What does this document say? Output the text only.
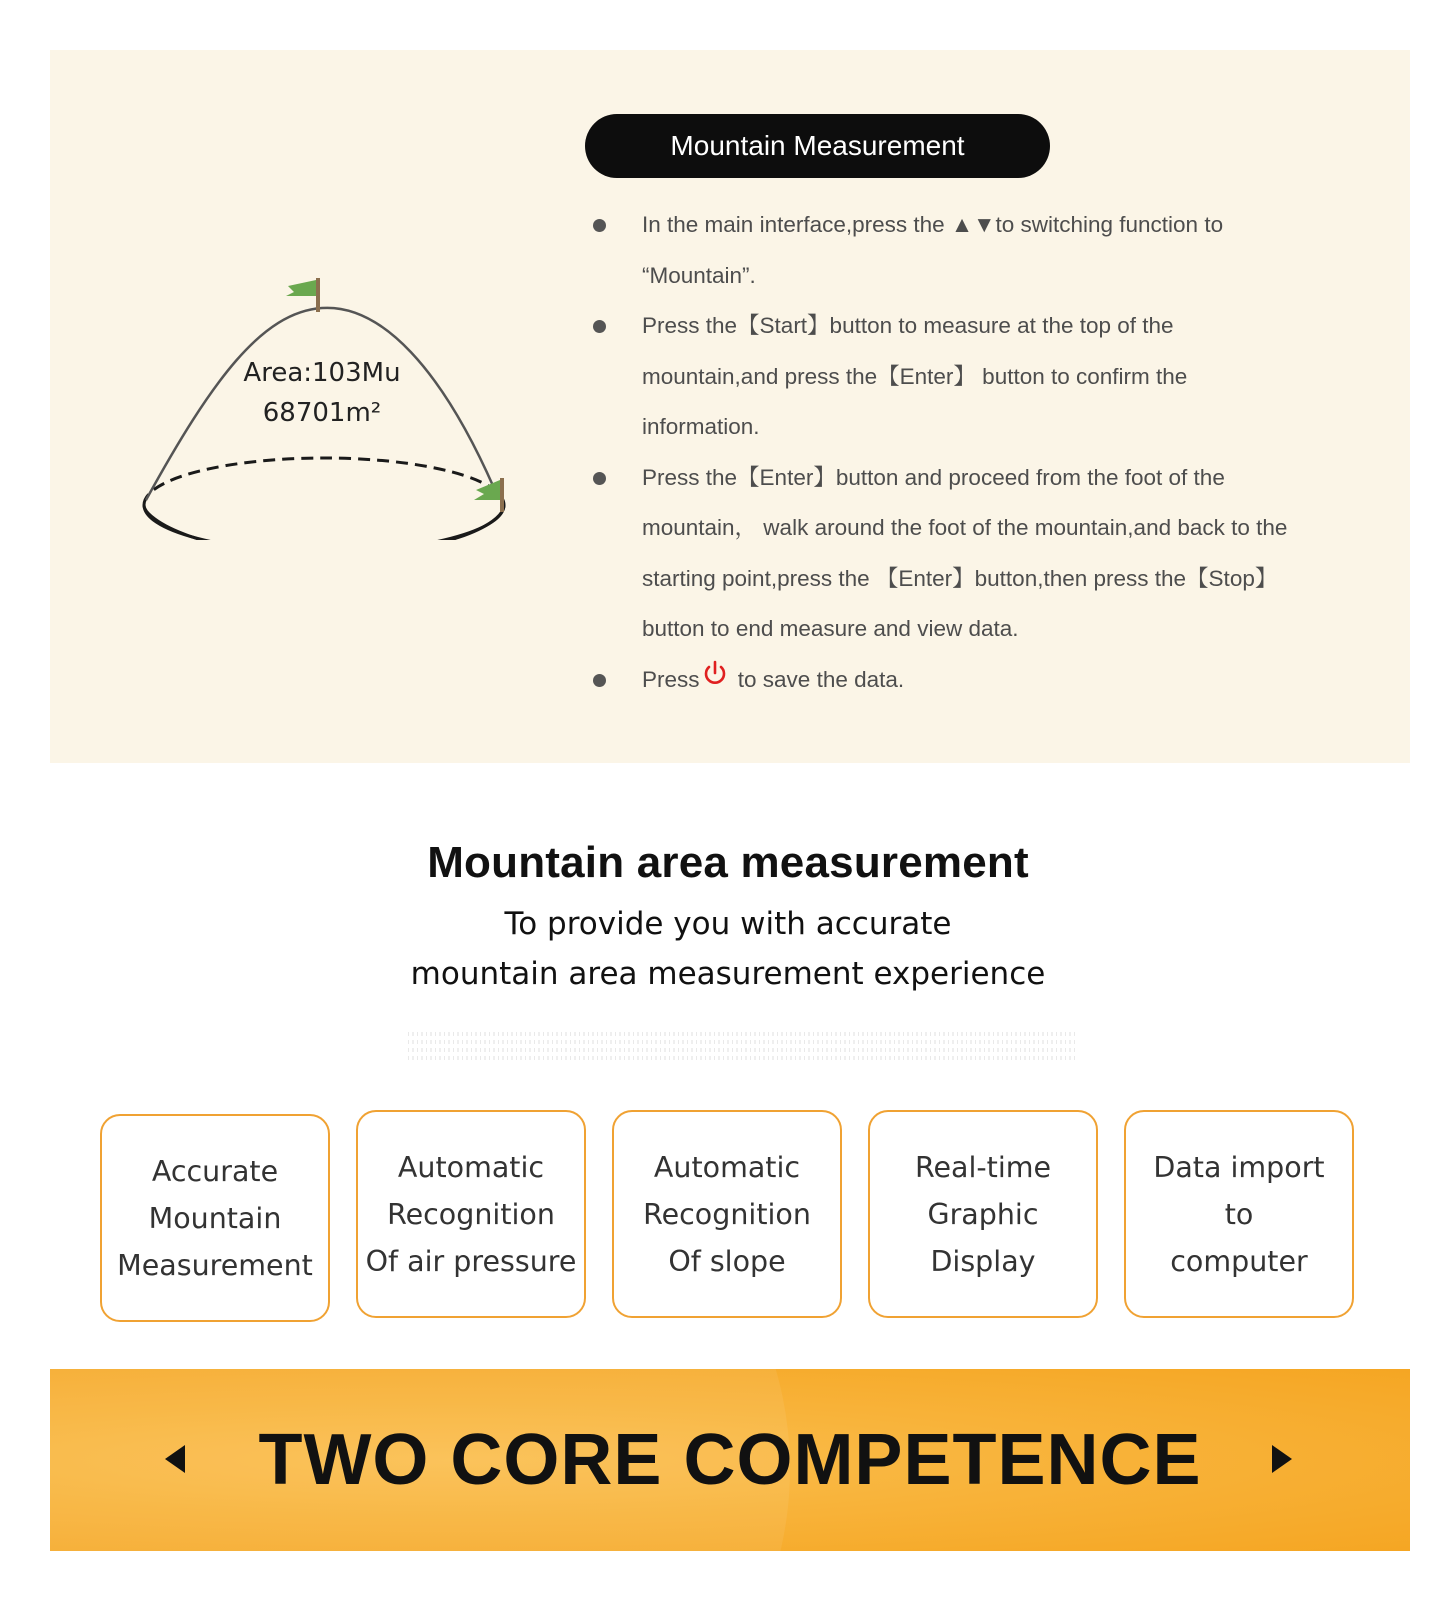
Area:103Mu
68701m²
Mountain Measurement
In the main interface,press the ▲▼to switching function to “Mountain”.
Press the【Start】button to measure at the top of the mountain,and press the【Enter】 button to confirm the information.
Press the【Enter】button and proceed from the foot of the mountain， walk around the foot of the mountain,and back to the starting point,press the 【Enter】button,then press the【Stop】button to end measure and view data.
Press to save the data.
Mountain area measurement
To provide you with accurate
mountain area measurement experience
Accurate
Mountain
Measurement
Automatic
Recognition
Of air pressure
Automatic
Recognition
Of slope
Real-time
Graphic
Display
Data import
to
computer
TWO CORE COMPETENCE
